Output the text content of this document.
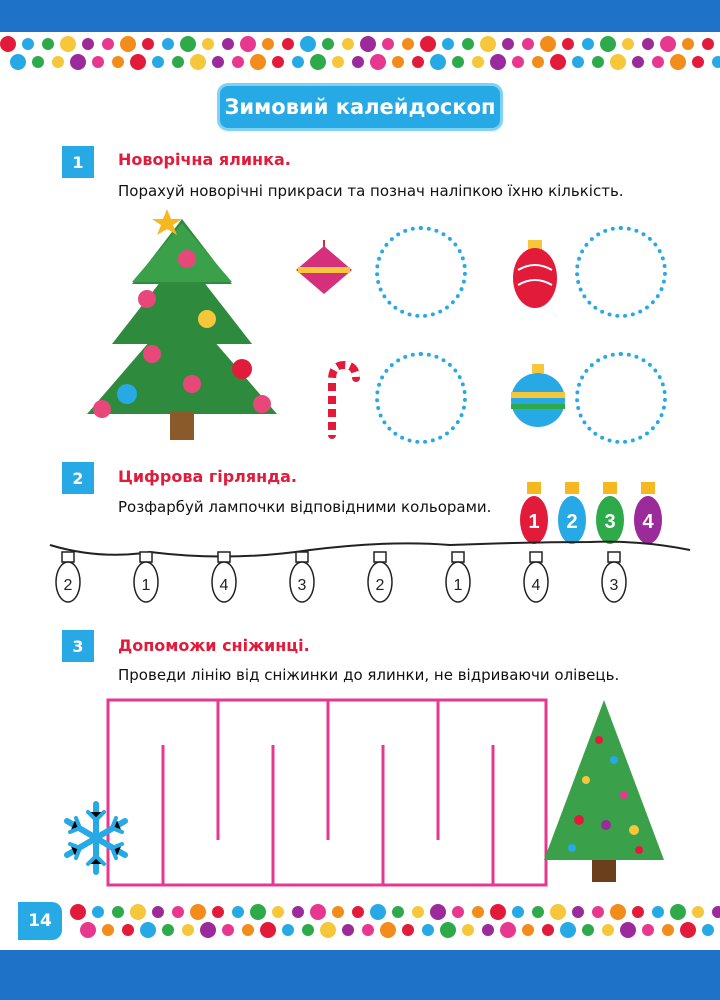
Зимовий калейдоскоп
1	Новорічна ялинка.
Порахуй новорічні прикраси та познач наліпкою їхню кількість.
2	Цифрова гірлянда.
Розфарбуй лампочки відповідними кольорами.
1 2 3 4
2	1	4	3	2	1	4	3
3	Допоможи сніжинці.
Проведи лінію від сніжинки до ялинки, не відриваючи олівець.
14
